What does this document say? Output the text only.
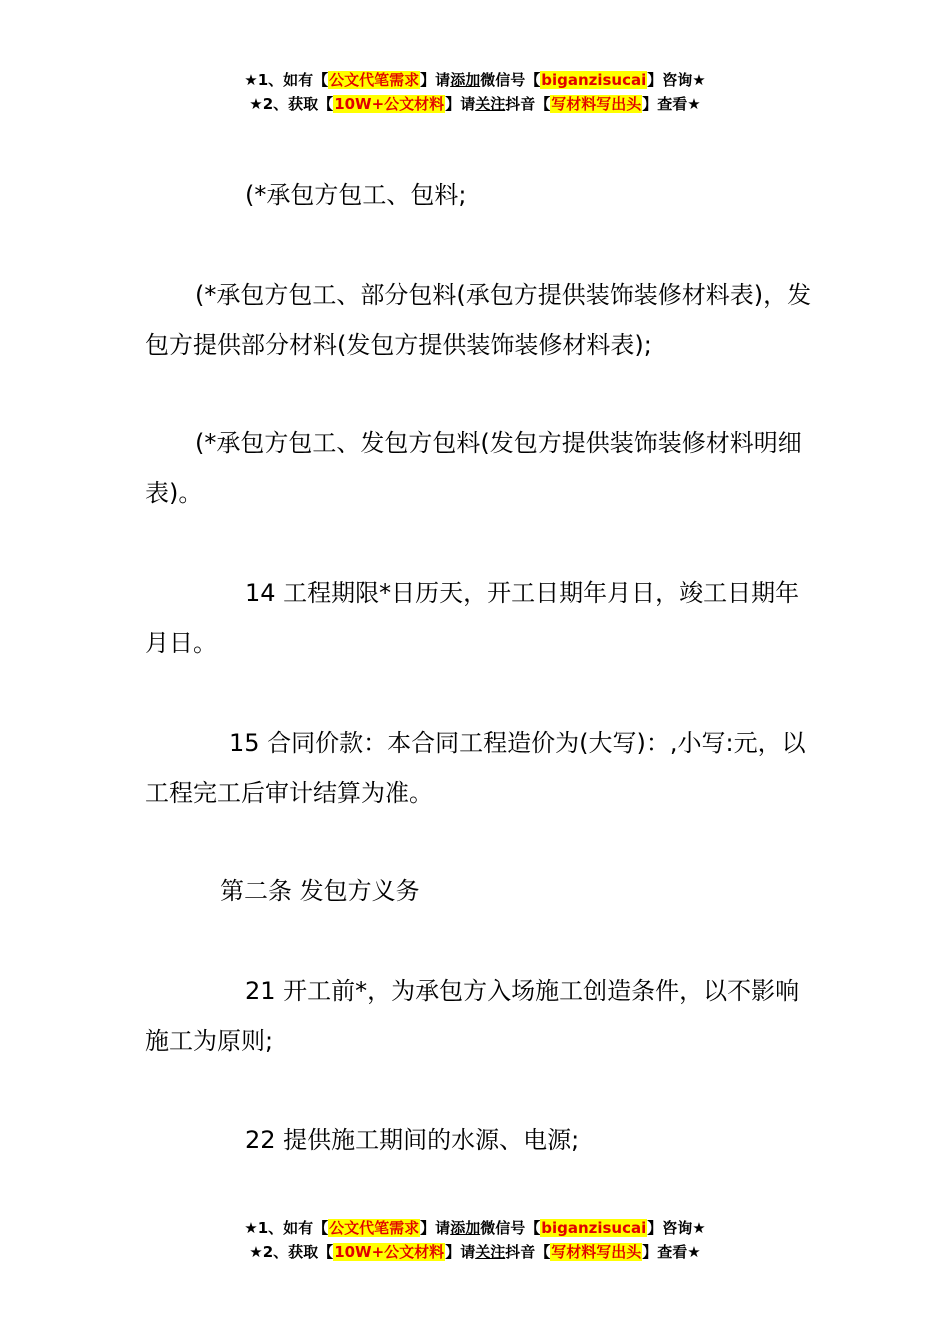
★1、如有【公文代笔需求】请添加微信号【biganzisucai】咨询★
★2、获取【10W+公文材料】请关注抖音【写材料写出头】查看★

(*承包方包工、包料;

(*承包方包工、部分包料(承包方提供装饰装修材料表)，发包方提供部分材料(发包方提供装饰装修材料表);

(*承包方包工、发包方包料(发包方提供装饰装修材料明细表)。

14 工程期限*日历天，开工日期年月日，竣工日期年月日。

15 合同价款：本合同工程造价为(大写)：,小写:元，以工程完工后审计结算为准。

第二条 发包方义务

21 开工前*，为承包方入场施工创造条件，以不影响施工为原则;

22 提供施工期间的水源、电源;

★1、如有【公文代笔需求】请添加微信号【biganzisucai】咨询★
★2、获取【10W+公文材料】请关注抖音【写材料写出头】查看★
